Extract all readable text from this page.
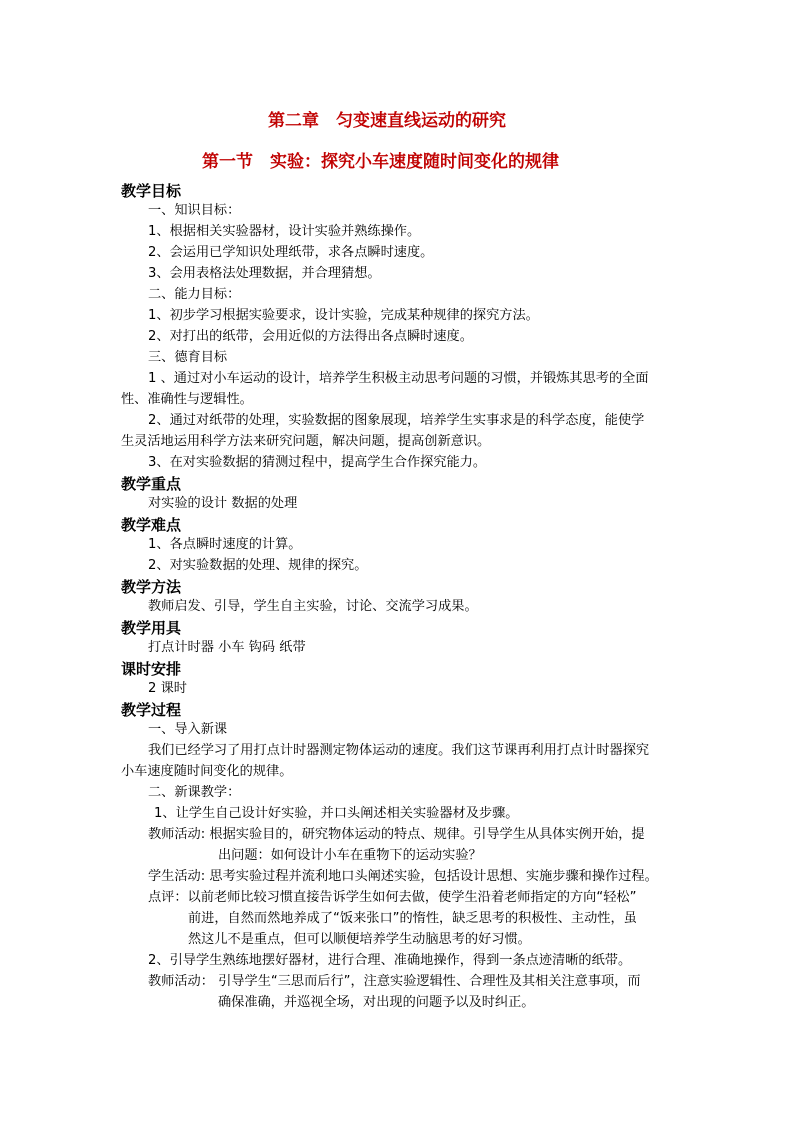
第二章　匀变速直线运动的研究
第一节　实验：探究小车速度随时间变化的规律
教学目标
一、知识目标：
1、根据相关实验器材，设计实验并熟练操作。
2、会运用已学知识处理纸带，求各点瞬时速度。
3、会用表格法处理数据，并合理猜想。
二、能力目标：
1、初步学习根据实验要求，设计实验，完成某种规律的探究方法。
2、对打出的纸带，会用近似的方法得出各点瞬时速度。
三、德育目标
1 、通过对小车运动的设计，培养学生积极主动思考问题的习惯，并锻炼其思考的全面
性、准确性与逻辑性。
2、通过对纸带的处理，实验数据的图象展现，培养学生实事求是的科学态度，能使学
生灵活地运用科学方法来研究问题，解决问题，提高创新意识。
3、在对实验数据的猜测过程中，提高学生合作探究能力。
教学重点
对实验的设计 数据的处理
教学难点
1、各点瞬时速度的计算。
2、对实验数据的处理、规律的探究。
教学方法
教师启发、引导，学生自主实验，讨论、交流学习成果。
教学用具
打点计时器 小车 钩码 纸带
课时安排
2 课时
教学过程
一、导入新课
我们已经学习了用打点计时器测定物体运动的速度。我们这节课再利用打点计时器探究
小车速度随时间变化的规律。
二、新课教学：
1、让学生自己设计好实验，并口头阐述相关实验器材及步骤。
教师活动: 根据实验目的，研究物体运动的特点、规律。引导学生从具体实例开始，提
出问题：如何设计小车在重物下的运动实验？
学生活动: 思考实验过程并流利地口头阐述实验，包括设计思想、实施步骤和操作过程。
点评：以前老师比较习惯直接告诉学生如何去做，使学生沿着老师指定的方向“轻松”
前进，自然而然地养成了“饭来张口”的惰性，缺乏思考的积极性、主动性，虽
然这儿不是重点，但可以顺便培养学生动脑思考的好习惯。
2、引导学生熟练地摆好器材，进行合理、准确地操作，得到一条点迹清晰的纸带。
教师活动： 引导学生“三思而后行”，注意实验逻辑性、合理性及其相关注意事项，而
确保准确，并巡视全场，对出现的问题予以及时纠正。
